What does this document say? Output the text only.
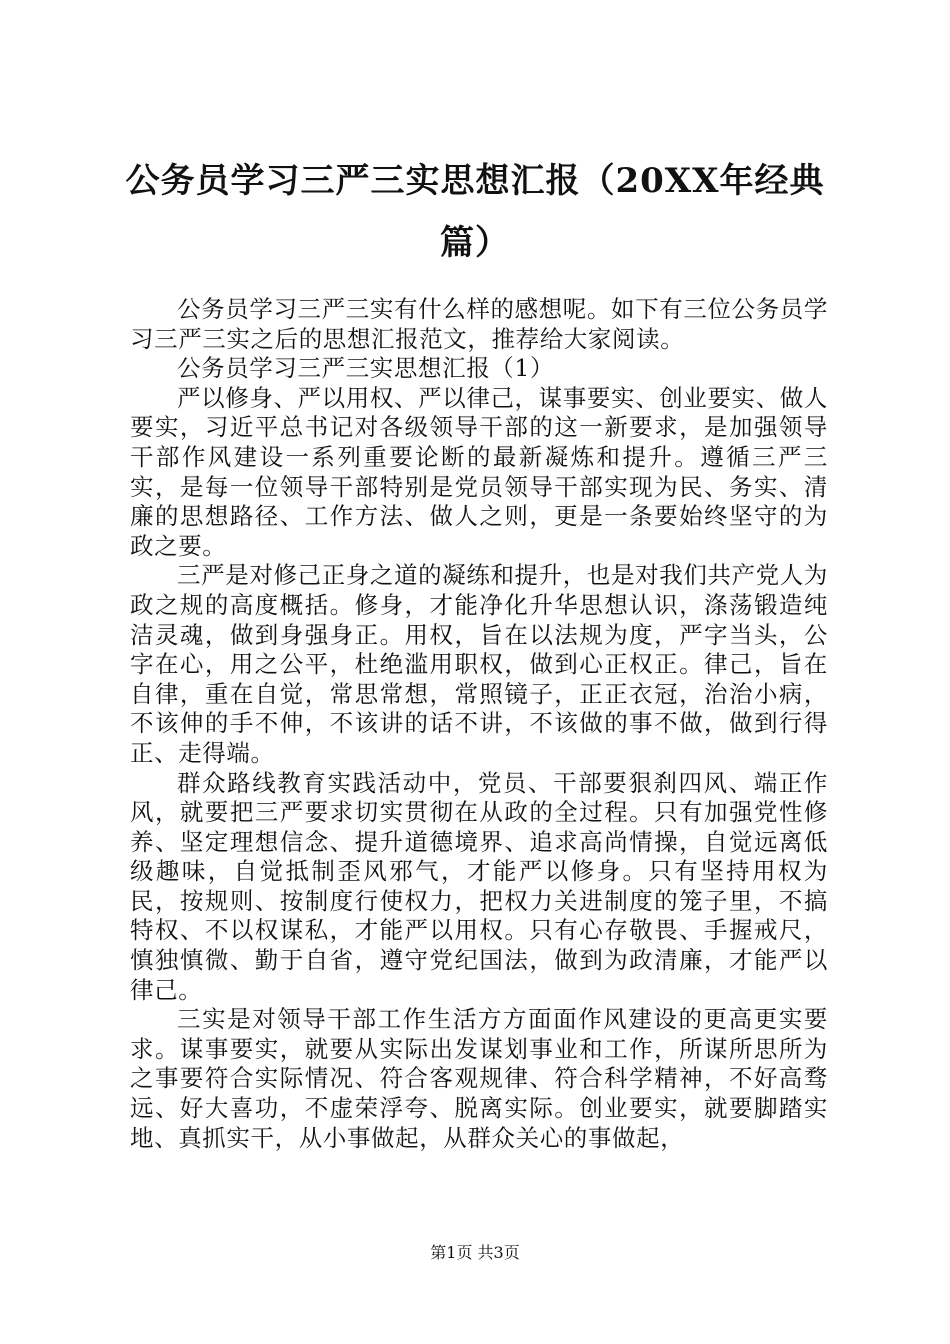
公务员学习三严三实思想汇报（20XX年经典篇）

公务员学习三严三实有什么样的感想呢。如下有三位公务员学习三严三实之后的思想汇报范文，推荐给大家阅读。

公务员学习三严三实思想汇报（1）

严以修身、严以用权、严以律己，谋事要实、创业要实、做人要实，习近平总书记对各级领导干部的这一新要求，是加强领导干部作风建设一系列重要论断的最新凝炼和提升。遵循三严三实，是每一位领导干部特别是党员领导干部实现为民、务实、清廉的思想路径、工作方法、做人之则，更是一条要始终坚守的为政之要。

三严是对修己正身之道的凝练和提升，也是对我们共产党人为政之规的高度概括。修身，才能净化升华思想认识，涤荡锻造纯洁灵魂，做到身强身正。用权，旨在以法规为度，严字当头，公字在心，用之公平，杜绝滥用职权，做到心正权正。律己，旨在自律，重在自觉，常思常想，常照镜子，正正衣冠，治治小病，不该伸的手不伸，不该讲的话不讲，不该做的事不做，做到行得正、走得端。

群众路线教育实践活动中，党员、干部要狠刹四风、端正作风，就要把三严要求切实贯彻在从政的全过程。只有加强党性修养、坚定理想信念、提升道德境界、追求高尚情操，自觉远离低级趣味，自觉抵制歪风邪气，才能严以修身。只有坚持用权为民，按规则、按制度行使权力，把权力关进制度的笼子里，不搞特权、不以权谋私，才能严以用权。只有心存敬畏、手握戒尺，慎独慎微、勤于自省，遵守党纪国法，做到为政清廉，才能严以律己。

三实是对领导干部工作生活方方面面作风建设的更高更实要求。谋事要实，就要从实际出发谋划事业和工作，所谋所思所为之事要符合实际情况、符合客观规律、符合科学精神，不好高骛远、好大喜功，不虚荣浮夸、脱离实际。创业要实，就要脚踏实地、真抓实干，从小事做起，从群众关心的事做起，

第1页 共3页
